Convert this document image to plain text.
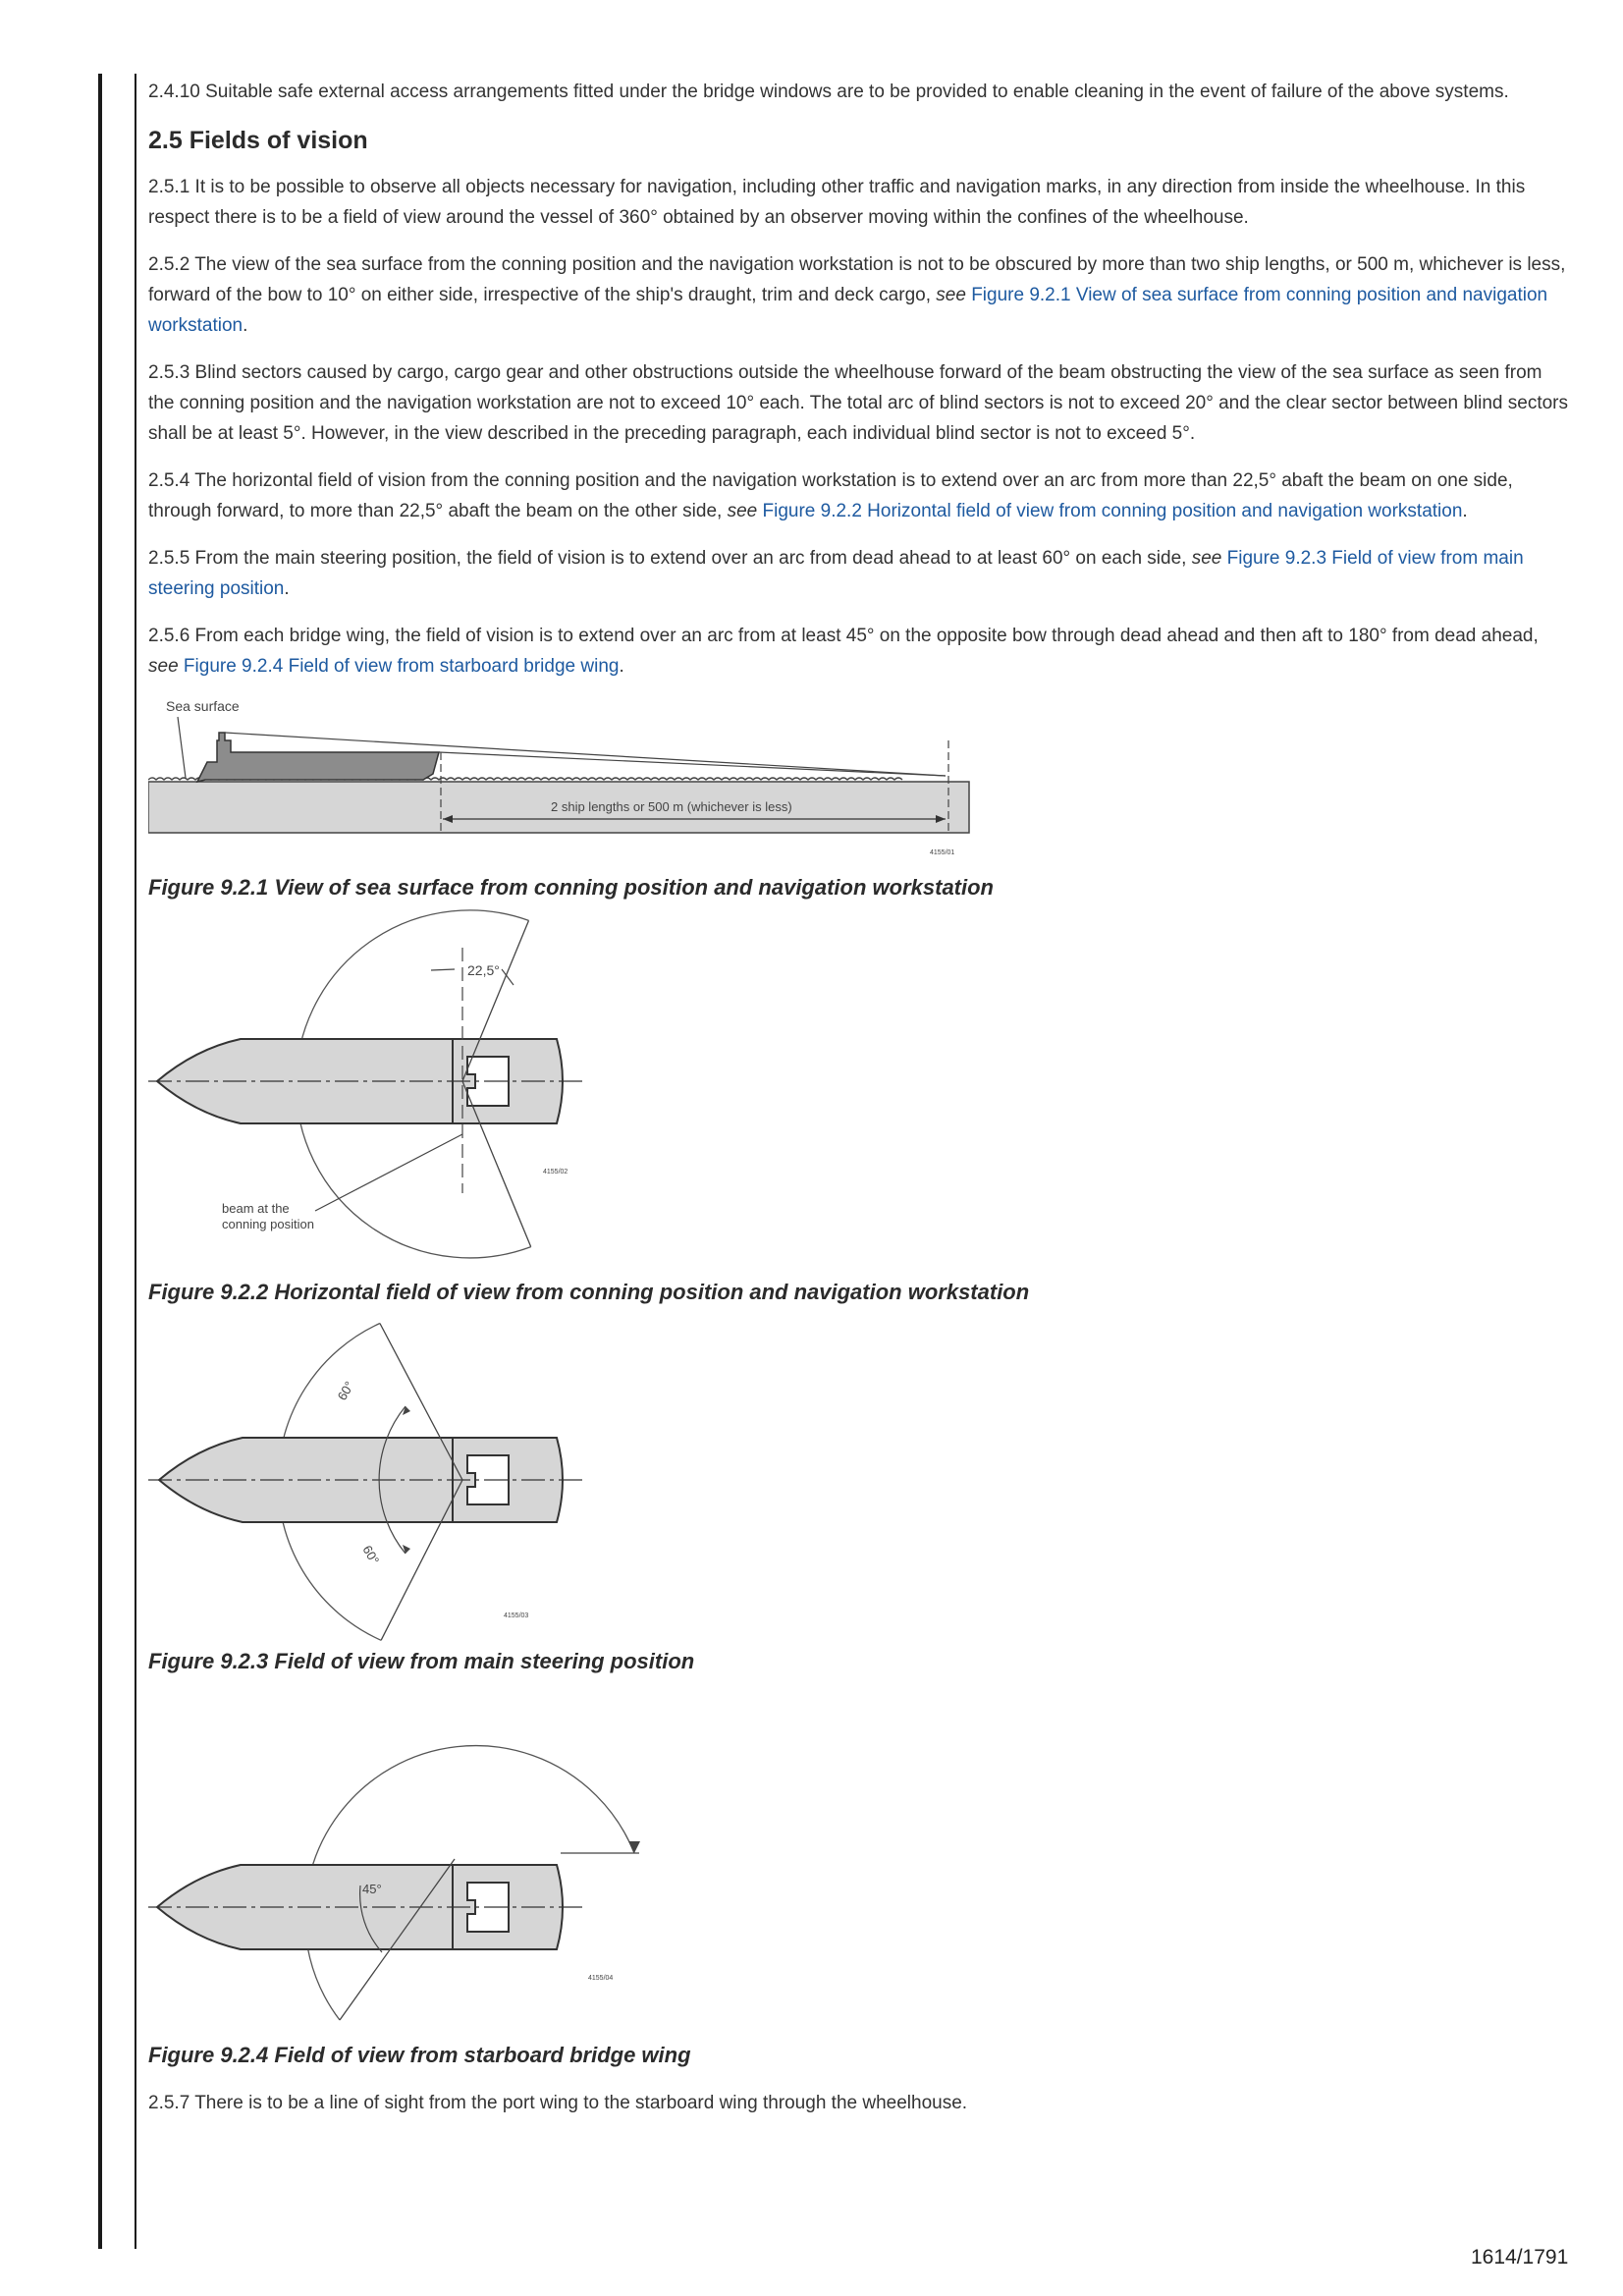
2.4.10 Suitable safe external access arrangements fitted under the bridge windows are to be provided to enable cleaning in the event of failure of the above systems.

2.5 Fields of vision

2.5.1 It is to be possible to observe all objects necessary for navigation, including other traffic and navigation marks, in any direction from inside the wheelhouse. In this respect there is to be a field of view around the vessel of 360° obtained by an observer moving within the confines of the wheelhouse.

2.5.2 The view of the sea surface from the conning position and the navigation workstation is not to be obscured by more than two ship lengths, or 500 m, whichever is less, forward of the bow to 10° on either side, irrespective of the ship's draught, trim and deck cargo, see Figure 9.2.1 View of sea surface from conning position and navigation workstation.

2.5.3 Blind sectors caused by cargo, cargo gear and other obstructions outside the wheelhouse forward of the beam obstructing the view of the sea surface as seen from the conning position and the navigation workstation are not to exceed 10° each. The total arc of blind sectors is not to exceed 20° and the clear sector between blind sectors shall be at least 5°. However, in the view described in the preceding paragraph, each individual blind sector is not to exceed 5°.

2.5.4 The horizontal field of vision from the conning position and the navigation workstation is to extend over an arc from more than 22,5° abaft the beam on one side, through forward, to more than 22,5° abaft the beam on the other side, see Figure 9.2.2 Horizontal field of view from conning position and navigation workstation.

2.5.5 From the main steering position, the field of vision is to extend over an arc from dead ahead to at least 60° on each side, see Figure 9.2.3 Field of view from main steering position.

2.5.6 From each bridge wing, the field of vision is to extend over an arc from at least 45° on the opposite bow through dead ahead and then aft to 180° from dead ahead, see Figure 9.2.4 Field of view from starboard bridge wing.

Sea surface
2 ship lengths or 500 m (whichever is less)
4155/01

Figure 9.2.1 View of sea surface from conning position and navigation workstation

22,5°
beam at the
conning position
4155/02

Figure 9.2.2 Horizontal field of view from conning position and navigation workstation

60°
60°
4155/03

Figure 9.2.3 Field of view from main steering position

45°
4155/04

Figure 9.2.4 Field of view from starboard bridge wing

2.5.7 There is to be a line of sight from the port wing to the starboard wing through the wheelhouse.

1614/1791
